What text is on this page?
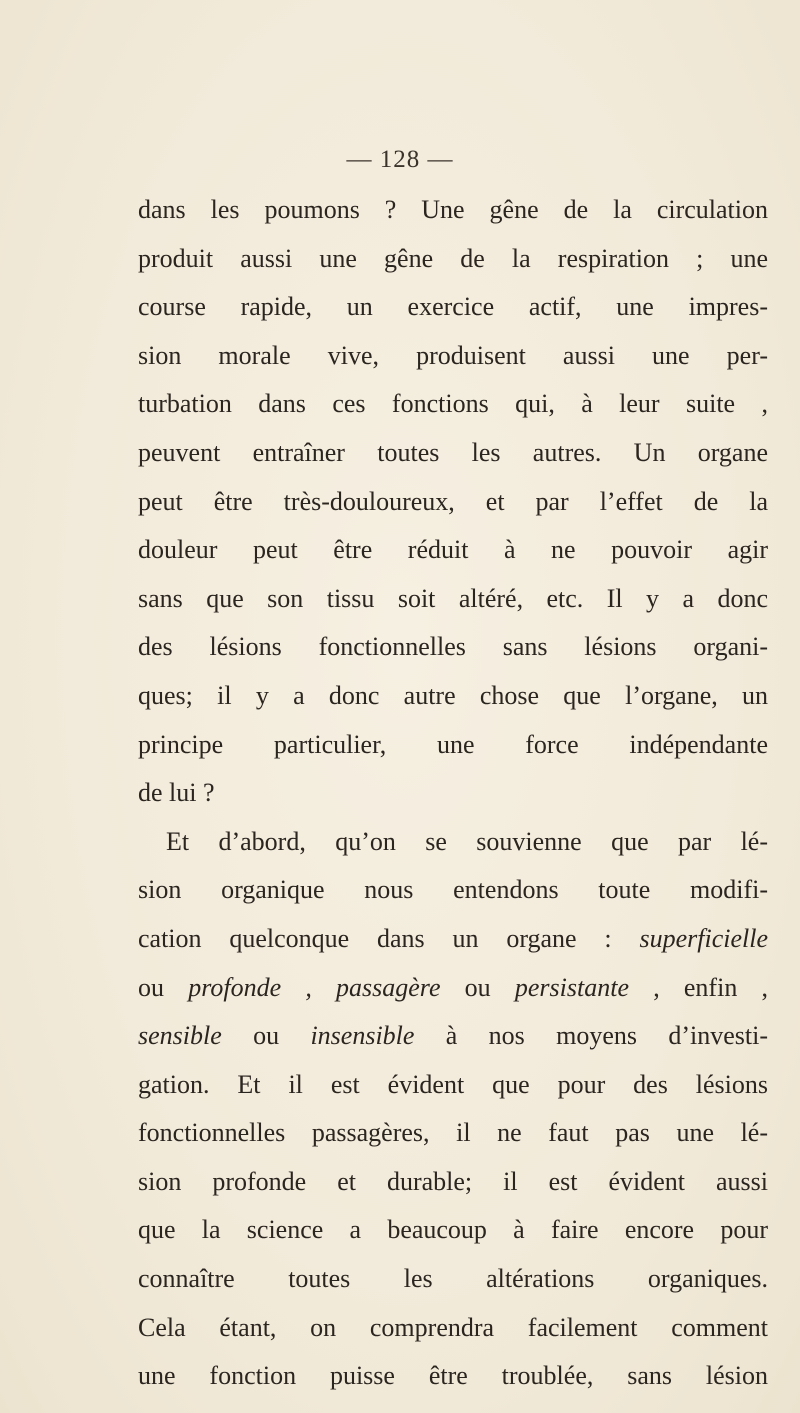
— 128 —
dans les poumons ? Une gêne de la circulation
produit aussi une gêne de la respiration ; une
course rapide, un exercice actif, une impres-
sion morale vive, produisent aussi une per-
turbation dans ces fonctions qui, à leur suite ,
peuvent entraîner toutes les autres. Un organe
peut être très-douloureux, et par l’effet de la
douleur peut être réduit à ne pouvoir agir
sans que son tissu soit altéré, etc. Il y a donc
des lésions fonctionnelles sans lésions organi-
ques; il y a donc autre chose que l’organe, un
principe particulier, une force indépendante
de lui ?
Et d’abord, qu’on se souvienne que par lé-
sion organique nous entendons toute modifi-
cation quelconque dans un organe : superficielle
ou profonde , passagère ou persistante , enfin ,
sensible ou insensible à nos moyens d’investi-
gation. Et il est évident que pour des lésions
fonctionnelles passagères, il ne faut pas une lé-
sion profonde et durable; il est évident aussi
que la science a beaucoup à faire encore pour
connaître toutes les altérations organiques.
Cela étant, on comprendra facilement comment
une fonction puisse être troublée, sans lésion
